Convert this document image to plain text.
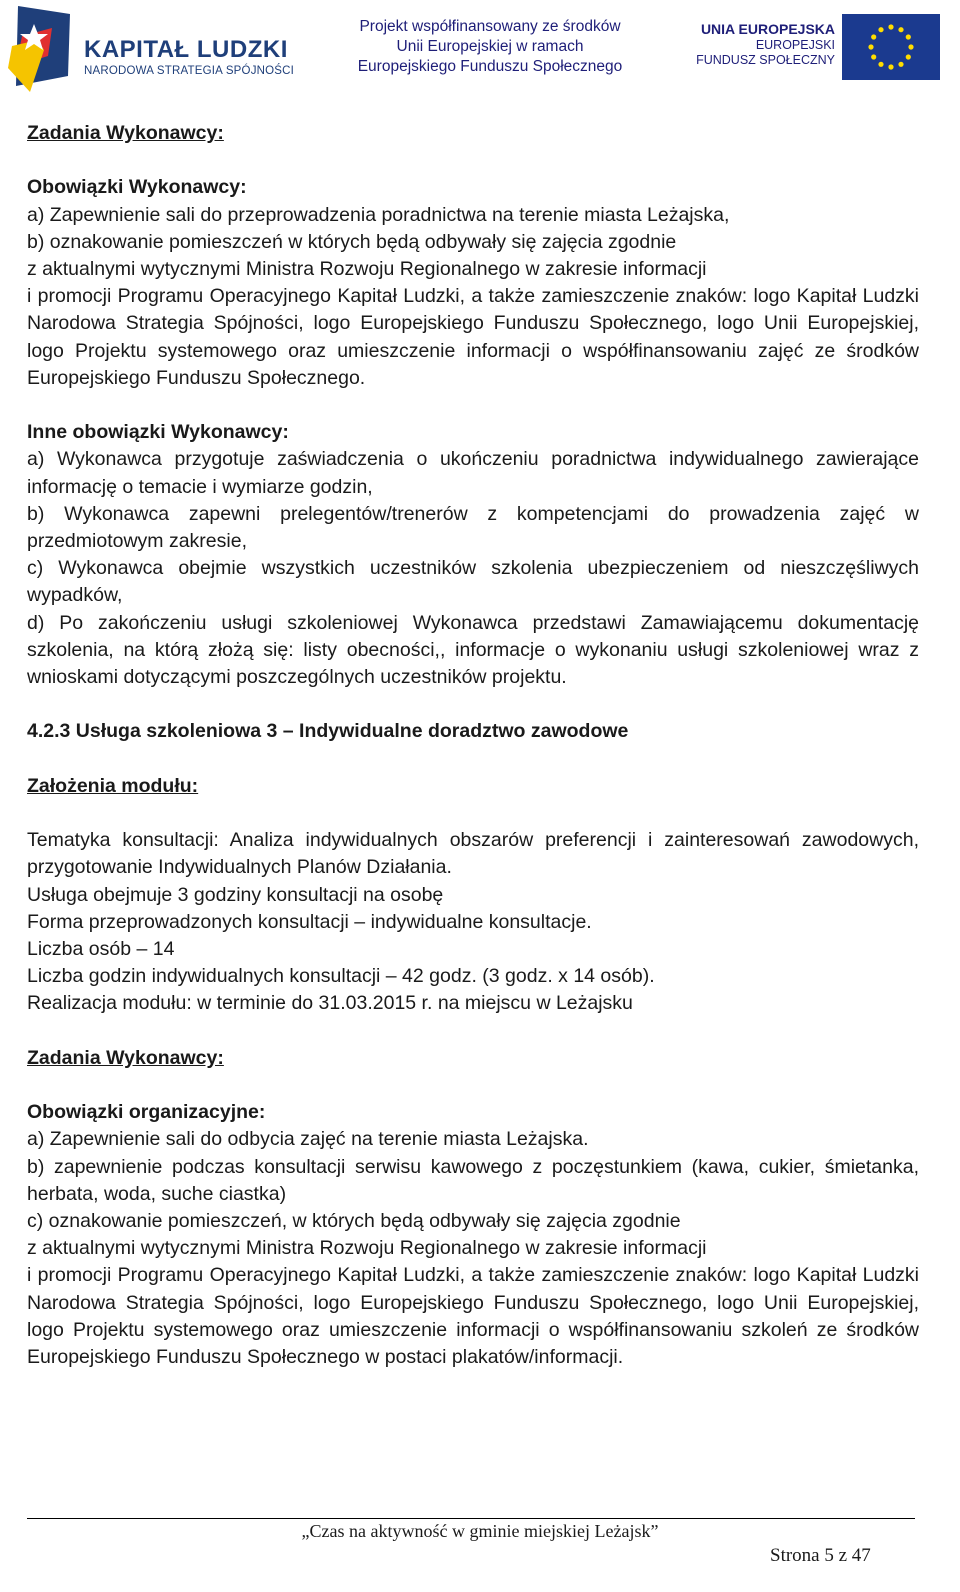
KAPITAŁ LUDZKI
NARODOWA STRATEGIA SPÓJNOŚCI
Projekt współfinansowany ze środków
Unii Europejskiej w ramach
Europejskiego Funduszu Społecznego
UNIA EUROPEJSKA
EUROPEJSKI
FUNDUSZ SPOŁECZNY

Zadania Wykonawcy:

Obowiązki Wykonawcy:

a) Zapewnienie sali do przeprowadzenia poradnictwa na terenie miasta Leżajska,

b) oznakowanie pomieszczeń w których będą odbywały się zajęcia zgodnie

z aktualnymi wytycznymi Ministra Rozwoju Regionalnego w zakresie informacji

i promocji Programu Operacyjnego Kapitał Ludzki, a także zamieszczenie znaków: logo Kapitał Ludzki Narodowa Strategia Spójności, logo Europejskiego Funduszu Społecznego, logo Unii Europejskiej, logo Projektu systemowego oraz umieszczenie informacji o współfinansowaniu zajęć ze środków Europejskiego Funduszu Społecznego.

Inne obowiązki Wykonawcy:

a) Wykonawca przygotuje zaświadczenia o ukończeniu poradnictwa indywidualnego zawierające informację o temacie i wymiarze godzin,

b) Wykonawca zapewni prelegentów/trenerów z kompetencjami do prowadzenia zajęć w przedmiotowym zakresie,

c) Wykonawca obejmie wszystkich uczestników szkolenia ubezpieczeniem od nieszczęśliwych wypadków,

d) Po zakończeniu usługi szkoleniowej Wykonawca przedstawi Zamawiającemu dokumentację szkolenia, na którą złożą się: listy obecności,, informacje o wykonaniu usługi szkoleniowej wraz z wnioskami dotyczącymi poszczególnych uczestników projektu.

4.2.3 Usługa szkoleniowa 3 – Indywidualne doradztwo zawodowe

Założenia modułu:

Tematyka konsultacji: Analiza indywidualnych obszarów preferencji i zainteresowań zawodowych, przygotowanie Indywidualnych Planów Działania.

Usługa obejmuje 3 godziny konsultacji na osobę

Forma przeprowadzonych konsultacji – indywidualne konsultacje.

Liczba osób – 14

Liczba godzin indywidualnych konsultacji – 42 godz. (3 godz. x 14 osób).

Realizacja modułu: w terminie do 31.03.2015 r. na miejscu w Leżajsku

Zadania Wykonawcy:

Obowiązki organizacyjne:

a) Zapewnienie sali do odbycia zajęć na terenie miasta Leżajska.

b) zapewnienie podczas konsultacji serwisu kawowego z poczęstunkiem (kawa, cukier, śmietanka, herbata, woda, suche ciastka)

c) oznakowanie pomieszczeń, w których będą odbywały się zajęcia zgodnie

z aktualnymi wytycznymi Ministra Rozwoju Regionalnego w zakresie informacji

i promocji Programu Operacyjnego Kapitał Ludzki, a także zamieszczenie znaków: logo Kapitał Ludzki Narodowa Strategia Spójności, logo Europejskiego Funduszu Społecznego, logo Unii Europejskiej, logo Projektu systemowego oraz umieszczenie informacji o współfinansowaniu szkoleń ze środków Europejskiego Funduszu Społecznego w postaci plakatów/informacji.

„Czas na aktywność w gminie miejskiej Leżajsk”
Strona 5 z 47
